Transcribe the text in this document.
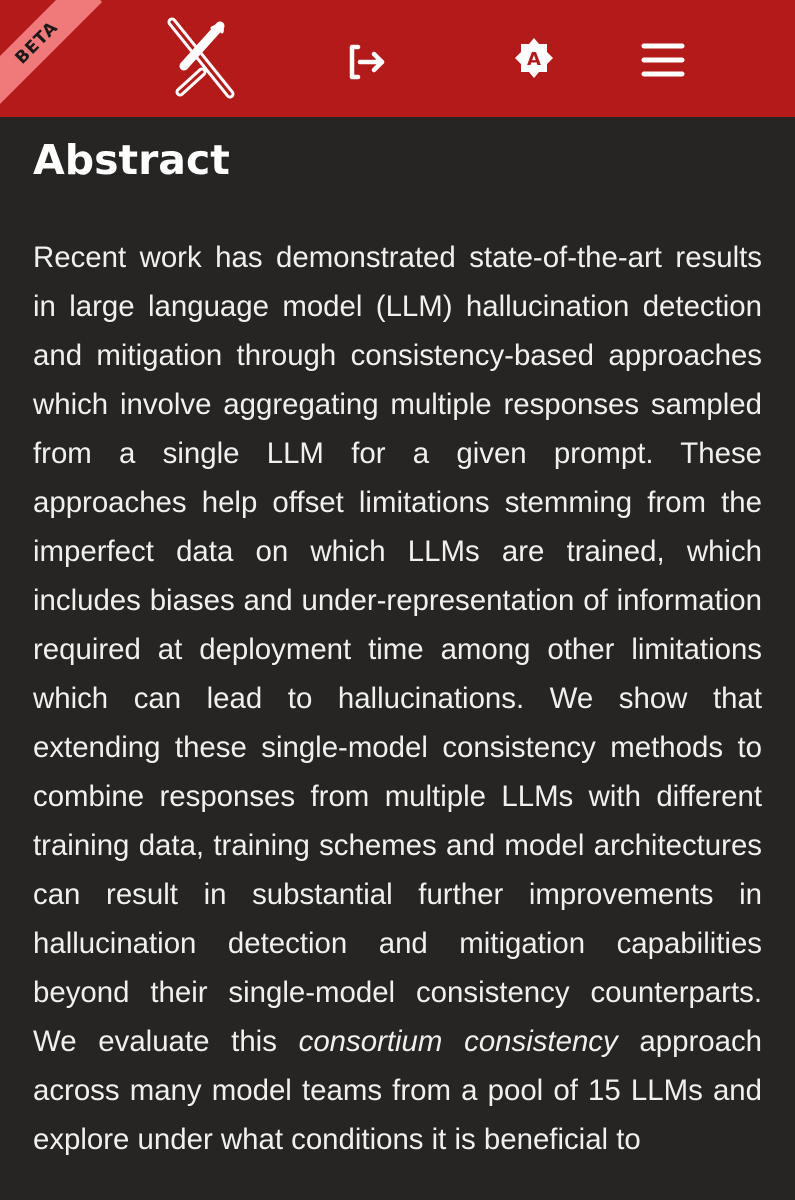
BETA	A
Abstract

Recent work has demonstrated state-of-the-art results in large language model (LLM) hallucination detection and mitigation through consistency-based approaches which involve aggregating multiple responses sampled from a single LLM for a given prompt. These approaches help offset limitations stemming from the imperfect data on which LLMs are trained, which includes biases and under-representation of information required at deployment time among other limitations which can lead to hallucinations. We show that extending these single-model consistency methods to combine responses from multiple LLMs with different training data, training schemes and model architectures can result in substantial further improvements in hallucination detection and mitigation capabilities beyond their single-model consistency counterparts. We evaluate this consortium consistency approach across many model teams from a pool of 15 LLMs and explore under what conditions it is beneficial to
